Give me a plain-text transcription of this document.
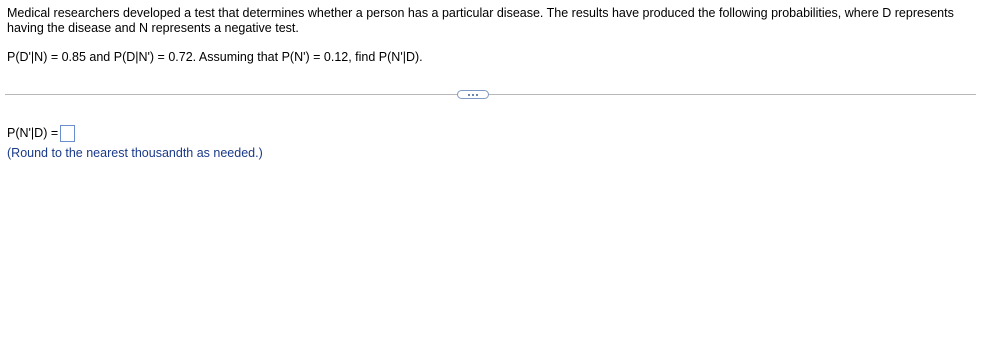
Medical researchers developed a test that determines whether a person has a particular disease. The results have produced the following probabilities, where D represents having the disease and N represents a negative test.

P(D'|N) = 0.85 and P(D|N') = 0.72. Assuming that P(N') = 0.12, find P(N'|D).
P(N'|D) =
(Round to the nearest thousandth as needed.)
